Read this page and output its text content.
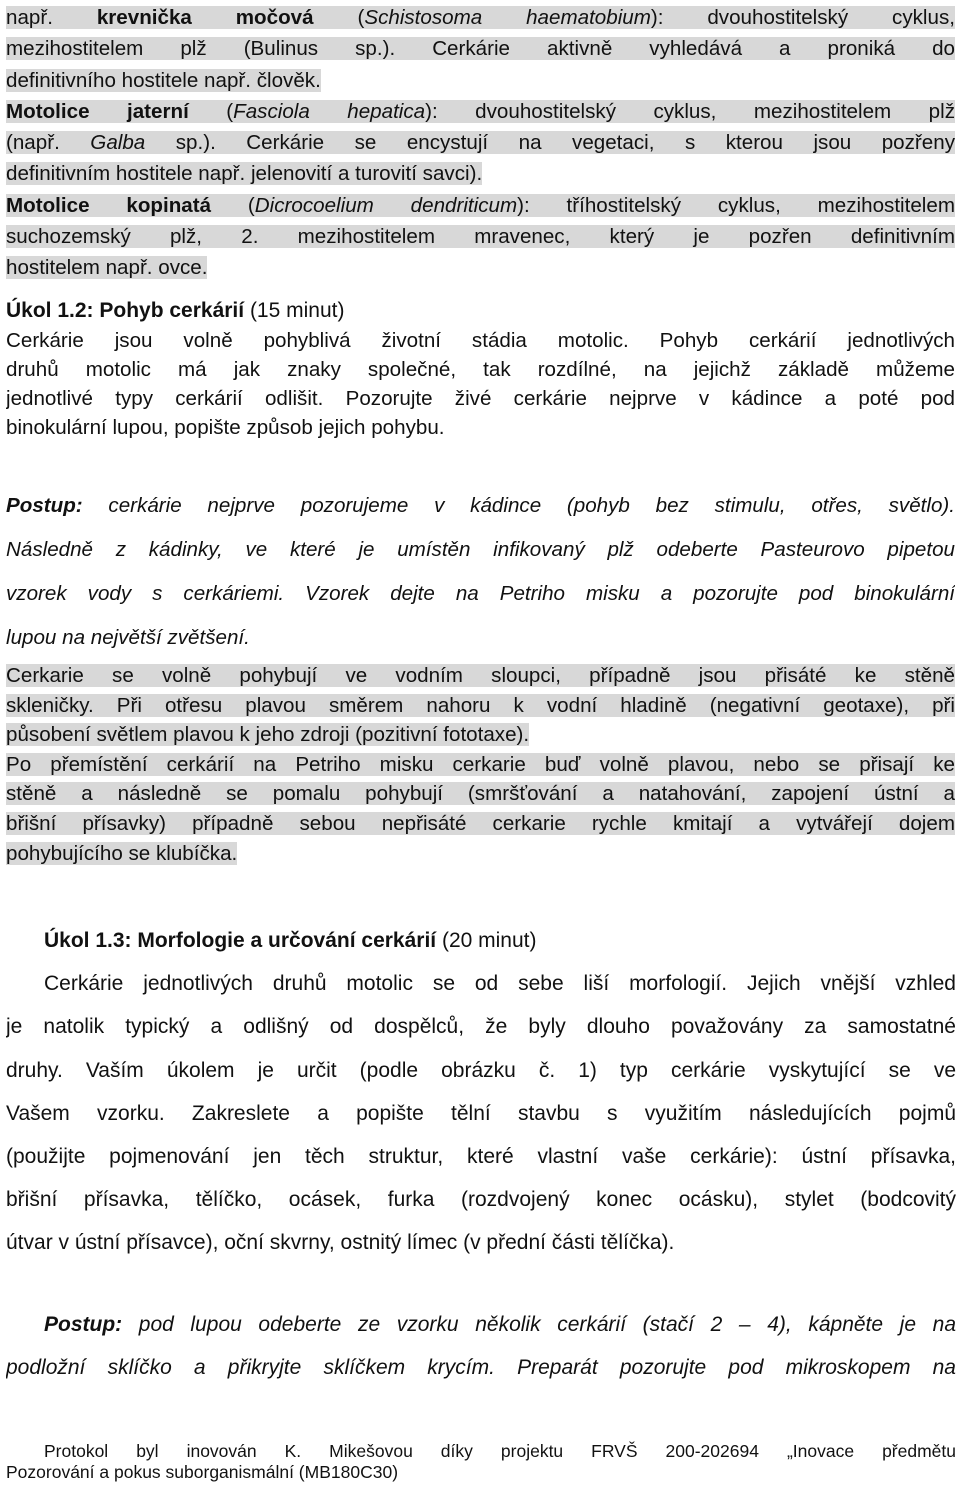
např. krevnička močová (Schistosoma haematobium): dvouhostitelský cyklus,
mezihostitelem plž (Bulinus sp.). Cerkárie aktivně vyhledává a proniká do
definitivního hostitele např. člověk.
Motolice jaterní (Fasciola hepatica): dvouhostitelský cyklus, mezihostitelem plž
(např. Galba sp.). Cerkárie se encystují na vegetaci, s kterou jsou pozřeny
definitivním hostitele např. jelenovití a turovití savci).
Motolice kopinatá (Dicrocoelium dendriticum): tříhostitelský cyklus, mezihostitelem
suchozemský plž, 2. mezihostitelem mravenec, který je pozřen definitivním
hostitelem např. ovce.
Úkol 1.2: Pohyb cerkárií (15 minut)
Cerkárie jsou volně pohyblivá životní stádia motolic. Pohyb cerkárií jednotlivých
druhů motolic má jak znaky společné, tak rozdílné, na jejichž základě můžeme
jednotlivé typy cerkárií odlišit. Pozorujte živé cerkárie nejprve v kádince a poté pod
binokulární lupou, popište způsob jejich pohybu.
Postup: cerkárie nejprve pozorujeme v kádince (pohyb bez stimulu, otřes, světlo).
Následně z kádinky, ve které je umístěn infikovaný plž odeberte Pasteurovo pipetou
vzorek vody s cerkáriemi. Vzorek dejte na Petriho misku a pozorujte pod binokulární
lupou na největší zvětšení.
Cerkarie se volně pohybují ve vodním sloupci, případně jsou přisáté ke stěně
skleničky. Při otřesu plavou směrem nahoru k vodní hladině (negativní geotaxe), při
působení světlem plavou k jeho zdroji (pozitivní fototaxe).
Po přemístění cerkárií na Petriho misku cerkarie buď volně plavou, nebo se přisají ke
stěně a následně se pomalu pohybují (smršťování a natahování, zapojení ústní a
břišní přísavky) případně sebou nepřisáté cerkarie rychle kmitají a vytvářejí dojem
pohybujícího se klubíčka.
Úkol 1.3: Morfologie a určování cerkárií (20 minut)
Cerkárie jednotlivých druhů motolic se od sebe liší morfologií. Jejich vnější vzhled
je natolik typický a odlišný od dospělců, že byly dlouho považovány za samostatné
druhy. Vaším úkolem je určit (podle obrázku č. 1) typ cerkárie vyskytující se ve
Vašem vzorku. Zakreslete a popište tělní stavbu s využitím následujících pojmů
(použijte pojmenování jen těch struktur, které vlastní vaše cerkárie): ústní přísavka,
břišní přísavka, tělíčko, ocásek, furka (rozdvojený konec ocásku), stylet (bodcovitý
útvar v ústní přísavce), oční skvrny, ostnitý límec (v přední části tělíčka).
Postup: pod lupou odeberte ze vzorku několik cerkárií (stačí 2 – 4), kápněte je na
podložní sklíčko a přikryjte sklíčkem krycím. Preparát pozorujte pod mikroskopem na
Protokol byl inovován K. Mikešovou díky projektu FRVŠ 200-202694 „Inovace předmětu
Pozorování a pokus suborganismální (MB180C30)
